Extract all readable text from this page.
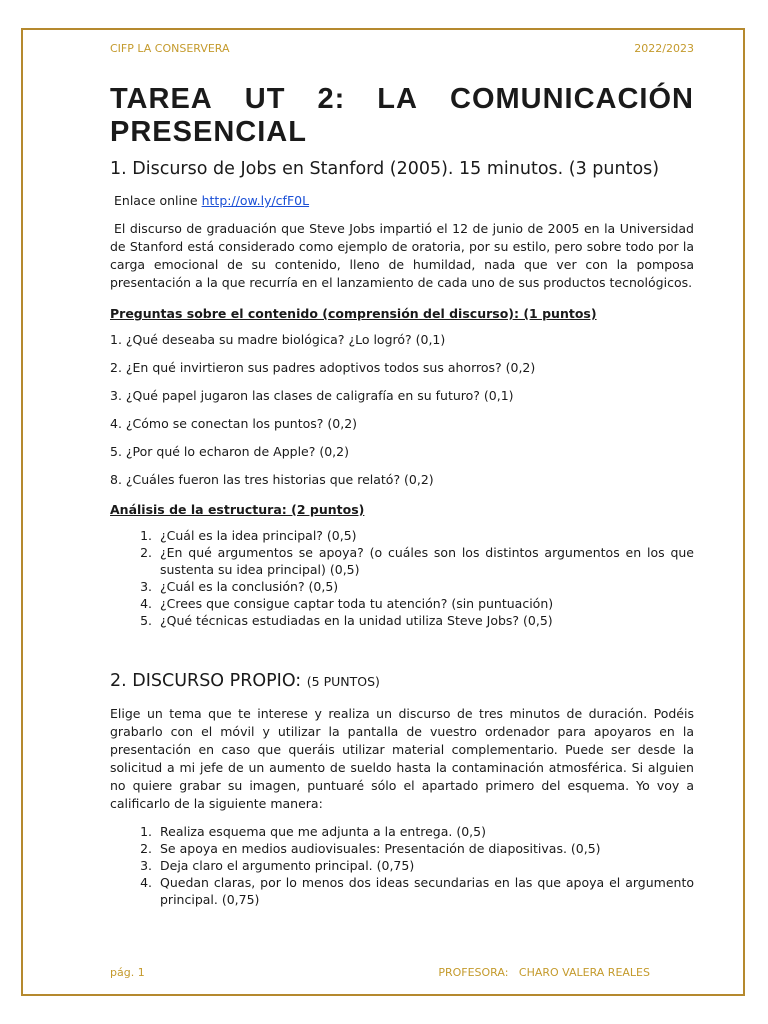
CIFP LA CONSERVERA	2022/2023
TAREA UT 2: LA COMUNICACIÓN
PRESENCIAL
1. Discurso de Jobs en Stanford (2005). 15 minutos. (3 puntos)
Enlace online http://ow.ly/cfF0L

El discurso de graduación que Steve Jobs impartió el 12 de junio de 2005 en la Universidad de Stanford está considerado como ejemplo de oratoria, por su estilo, pero sobre todo por la carga emocional de su contenido, lleno de humildad, nada que ver con la pomposa presentación a la que recurría en el lanzamiento de cada uno de sus productos tecnológicos.

Preguntas sobre el contenido (comprensión del discurso): (1 puntos)
1. ¿Qué deseaba su madre biológica? ¿Lo logró? (0,1)
2. ¿En qué invirtieron sus padres adoptivos todos sus ahorros? (0,2)
3. ¿Qué papel jugaron las clases de caligrafía en su futuro? (0,1)
4. ¿Cómo se conectan los puntos? (0,2)
5. ¿Por qué lo echaron de Apple? (0,2)
8. ¿Cuáles fueron las tres historias que relató? (0,2)
Análisis de la estructura: (2 puntos)
1. ¿Cuál es la idea principal? (0,5)
2. ¿En qué argumentos se apoya? (o cuáles son los distintos argumentos en los que sustenta su idea principal) (0,5)
3. ¿Cuál es la conclusión? (0,5)
4. ¿Crees que consigue captar toda tu atención? (sin puntuación)
5. ¿Qué técnicas estudiadas en la unidad utiliza Steve Jobs? (0,5)
2. DISCURSO PROPIO: (5 PUNTOS)

Elige un tema que te interese y realiza un discurso de tres minutos de duración. Podéis grabarlo con el móvil y utilizar la pantalla de vuestro ordenador para apoyaros en la presentación en caso que queráis utilizar material complementario. Puede ser desde la solicitud a mi jefe de un aumento de sueldo hasta la contaminación atmosférica. Si alguien no quiere grabar su imagen, puntuaré sólo el apartado primero del esquema. Yo voy a calificarlo de la siguiente manera:

1. Realiza esquema que me adjunta a la entrega. (0,5)
2. Se apoya en medios audiovisuales: Presentación de diapositivas. (0,5)
3. Deja claro el argumento principal. (0,75)
4. Quedan claras, por lo menos dos ideas secundarias en las que apoya el argumento principal. (0,75)
pág. 1	PROFESORA:   CHARO VALERA REALES
